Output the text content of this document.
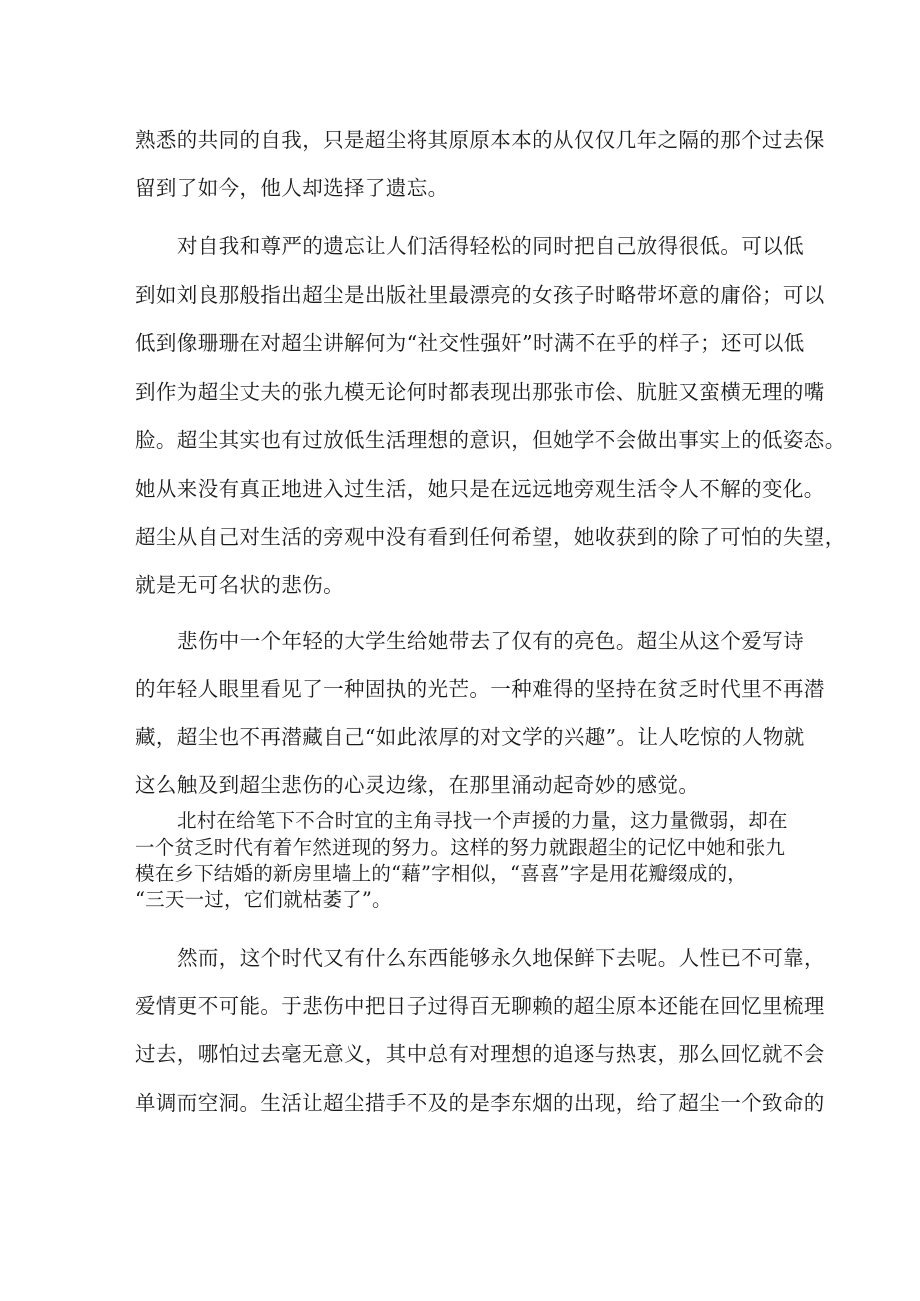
熟悉的共同的自我，只是超尘将其原原本本的从仅仅几年之隔的那个过去保

留到了如今，他人却选择了遗忘。

对自我和尊严的遗忘让人们活得轻松的同时把自己放得很低。可以低

到如刘良那般指出超尘是出版社里最漂亮的女孩子时略带坏意的庸俗；可以

低到像珊珊在对超尘讲解何为“社交性强奸”时满不在乎的样子；还可以低

到作为超尘丈夫的张九模无论何时都表现出那张市侩、肮脏又蛮横无理的嘴

脸。超尘其实也有过放低生活理想的意识，但她学不会做出事实上的低姿态。

她从来没有真正地进入过生活，她只是在远远地旁观生活令人不解的变化。

超尘从自己对生活的旁观中没有看到任何希望，她收获到的除了可怕的失望，

就是无可名状的悲伤。

悲伤中一个年轻的大学生给她带去了仅有的亮色。超尘从这个爱写诗

的年轻人眼里看见了一种固执的光芒。一种难得的坚持在贫乏时代里不再潜

藏，超尘也不再潜藏自己“如此浓厚的对文学的兴趣”。让人吃惊的人物就

这么触及到超尘悲伤的心灵边缘，在那里涌动起奇妙的感觉。

北村在给笔下不合时宜的主角寻找一个声援的力量，这力量微弱，却在

一个贫乏时代有着乍然迸现的努力。这样的努力就跟超尘的记忆中她和张九

模在乡下结婚的新房里墙上的“藉”字相似，“喜喜”字是用花瓣缀成的，

“三天一过，它们就枯萎了”。

然而，这个时代又有什么东西能够永久地保鲜下去呢。人性已不可靠，

爱情更不可能。于悲伤中把日子过得百无聊赖的超尘原本还能在回忆里梳理

过去，哪怕过去毫无意义，其中总有对理想的追逐与热衷，那么回忆就不会

单调而空洞。生活让超尘措手不及的是李东烟的出现，给了超尘一个致命的
